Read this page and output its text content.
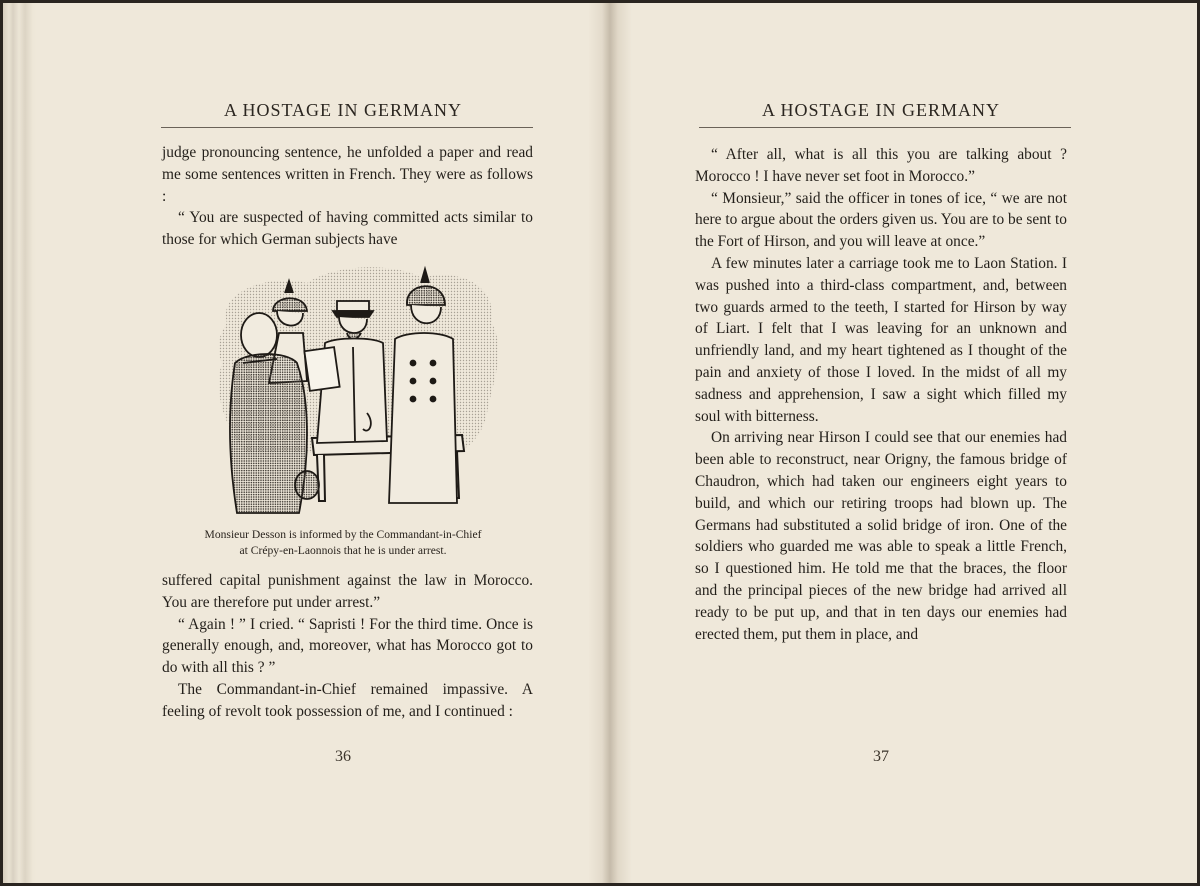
A HOSTAGE IN GERMANY

judge pronouncing sentence, he unfolded a paper and read me some sentences written in French. They were as follows :

“ You are suspected of having committed acts similar to those for which German subjects have

Monsieur Desson is informed by the Commandant-in-Chief
at Crépy-en-Laonnois that he is under arrest.

suffered capital punishment against the law in Morocco. You are therefore put under arrest.”

“ Again ! ” I cried. “ Sapristi ! For the third time. Once is generally enough, and, moreover, what has Morocco got to do with all this ? ”

The Commandant-in-Chief remained impassive. A feeling of revolt took possession of me, and I continued :

36
A HOSTAGE IN GERMANY

“ After all, what is all this you are talking about ? Morocco ! I have never set foot in Morocco.”

“ Monsieur,” said the officer in tones of ice, “ we are not here to argue about the orders given us. You are to be sent to the Fort of Hirson, and you will leave at once.”

A few minutes later a carriage took me to Laon Station. I was pushed into a third-class compartment, and, between two guards armed to the teeth, I started for Hirson by way of Liart. I felt that I was leaving for an unknown and unfriendly land, and my heart tightened as I thought of the pain and anxiety of those I loved. In the midst of all my sadness and apprehension, I saw a sight which filled my soul with bitterness.

On arriving near Hirson I could see that our enemies had been able to reconstruct, near Origny, the famous bridge of Chaudron, which had taken our engineers eight years to build, and which our retiring troops had blown up. The Germans had substituted a solid bridge of iron. One of the soldiers who guarded me was able to speak a little French, so I questioned him. He told me that the braces, the floor and the principal pieces of the new bridge had arrived all ready to be put up, and that in ten days our enemies had erected them, put them in place, and

37
